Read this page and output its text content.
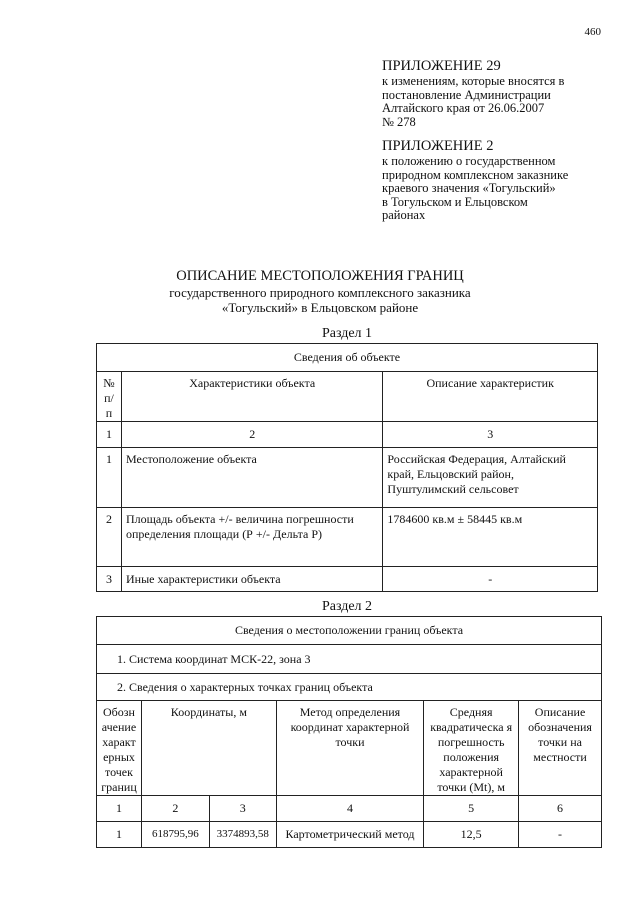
460
ПРИЛОЖЕНИЕ 29
к изменениям, которые вносятся в
постановление Администрации
Алтайского края от 26.06.2007
№ 278
ПРИЛОЖЕНИЕ 2
к положению о государственном
природном комплексном заказнике
краевого значения «Тогульский»
в Тогульском и Ельцовском
районах
ОПИСАНИЕ МЕСТОПОЛОЖЕНИЯ ГРАНИЦ
государственного природного комплексного заказника
«Тогульский» в Ельцовском районе
Раздел 1
Сведения об объекте		
№ п/п	Характеристики объекта	Описание характеристик
1	2	3
1	Местоположение объекта	Российская Федерация, Алтайский край, Ельцовский район, Пуштулимский сельсовет
2	Площадь объекта +/- величина погрешности определения площади (Р +/- Дельта Р)	1784600 кв.м ± 58445 кв.м
3	Иные характеристики объекта	-
Раздел 2
Сведения о местоположении границ объекта					
1. Система координат МСК-22, зона 3					
2. Сведения о характерных точках границ объекта					
Обозн ачение характ ерных точек границ	Координаты, м		Метод определения координат характерной точки	Средняя квадратическа я погрешность положения характерной точки (Mt), м	Описание обозначения точки на местности
1	2	3	4	5	6
1	618795,96	3374893,58	Картометрический метод	12,5	-
